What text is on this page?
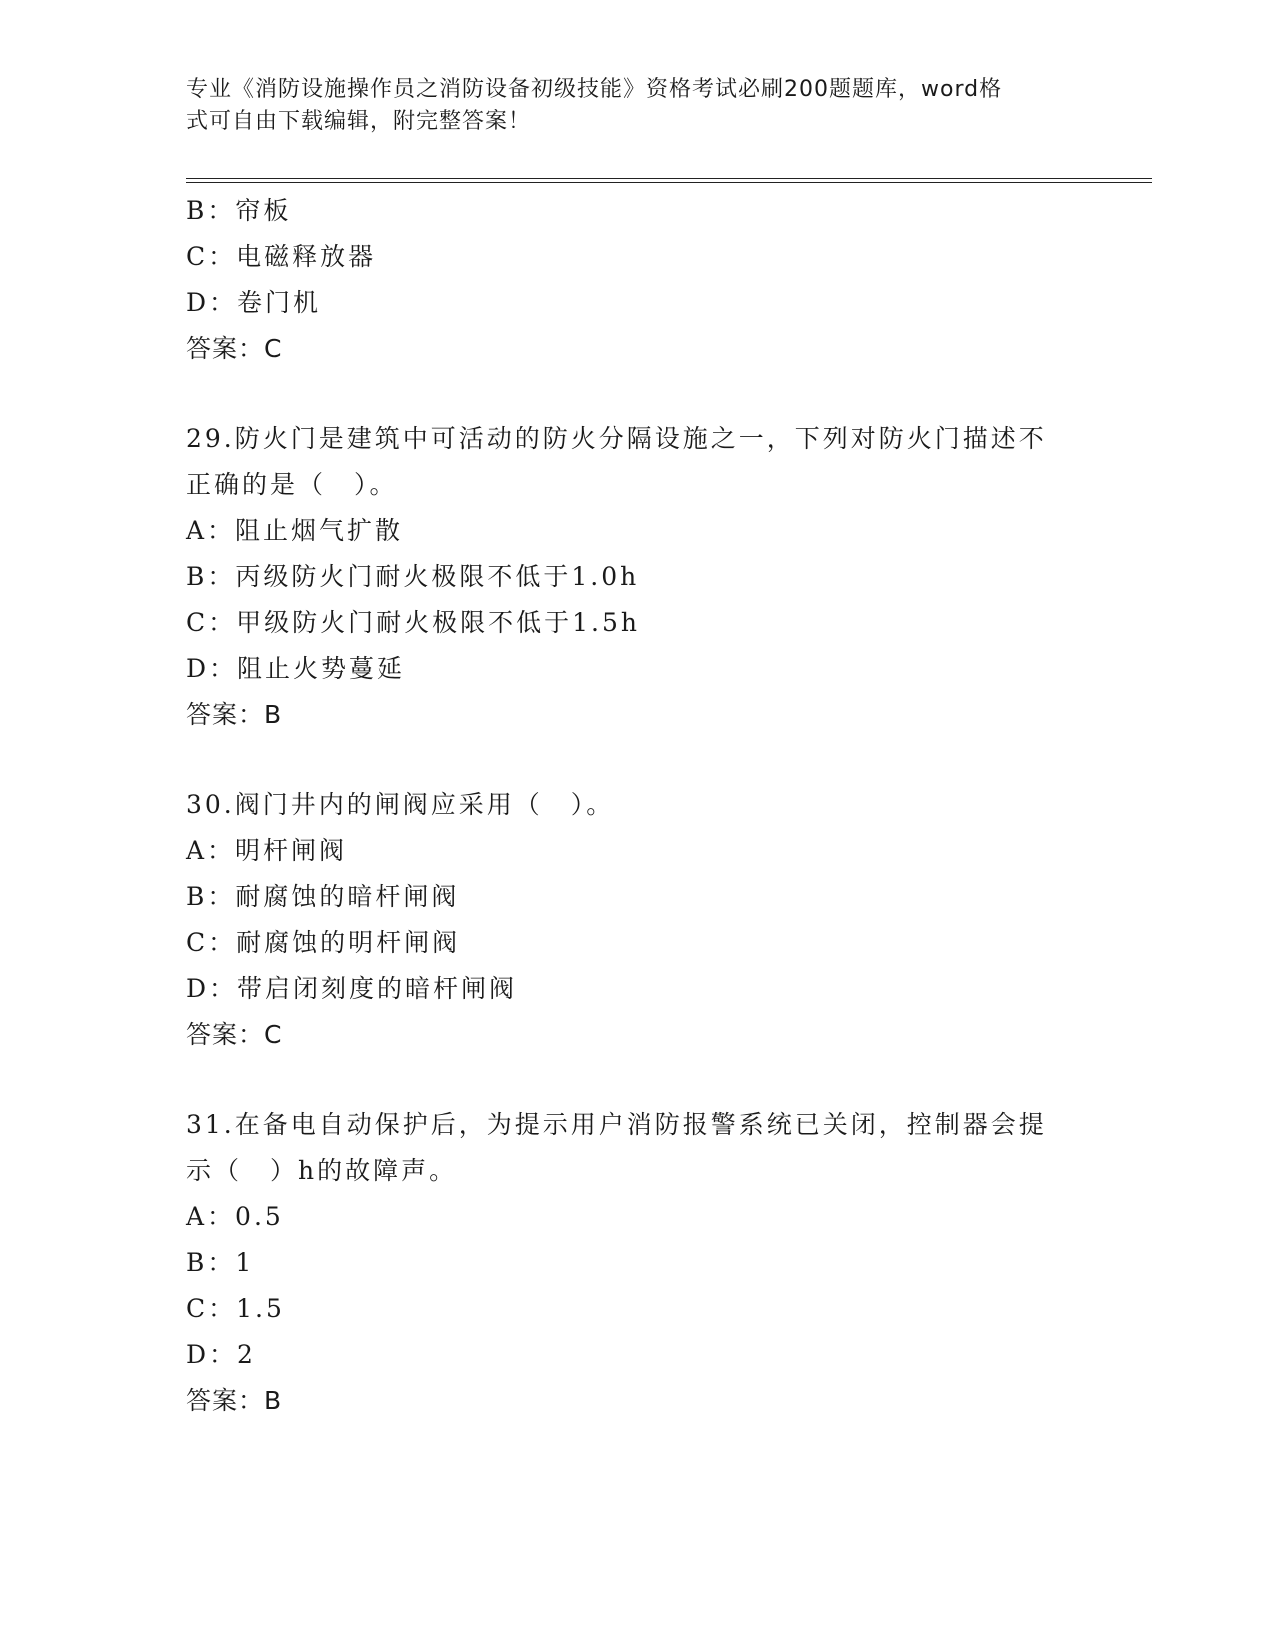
专业《消防设施操作员之消防设备初级技能》资格考试必刷200题题库，word格
式可自由下载编辑，附完整答案！
B：帘板
C：电磁释放器
D：卷门机
答案：C
29.防火门是建筑中可活动的防火分隔设施之一，下列对防火门描述不
正确的是（　）。
A：阻止烟气扩散
B：丙级防火门耐火极限不低于1.0h
C：甲级防火门耐火极限不低于1.5h
D：阻止火势蔓延
答案：B
30.阀门井内的闸阀应采用（　）。
A：明杆闸阀
B：耐腐蚀的暗杆闸阀
C：耐腐蚀的明杆闸阀
D：带启闭刻度的暗杆闸阀
答案：C
31.在备电自动保护后，为提示用户消防报警系统已关闭，控制器会提
示（　）h的故障声。
A：0.5
B：1
C：1.5
D：2
答案：B
